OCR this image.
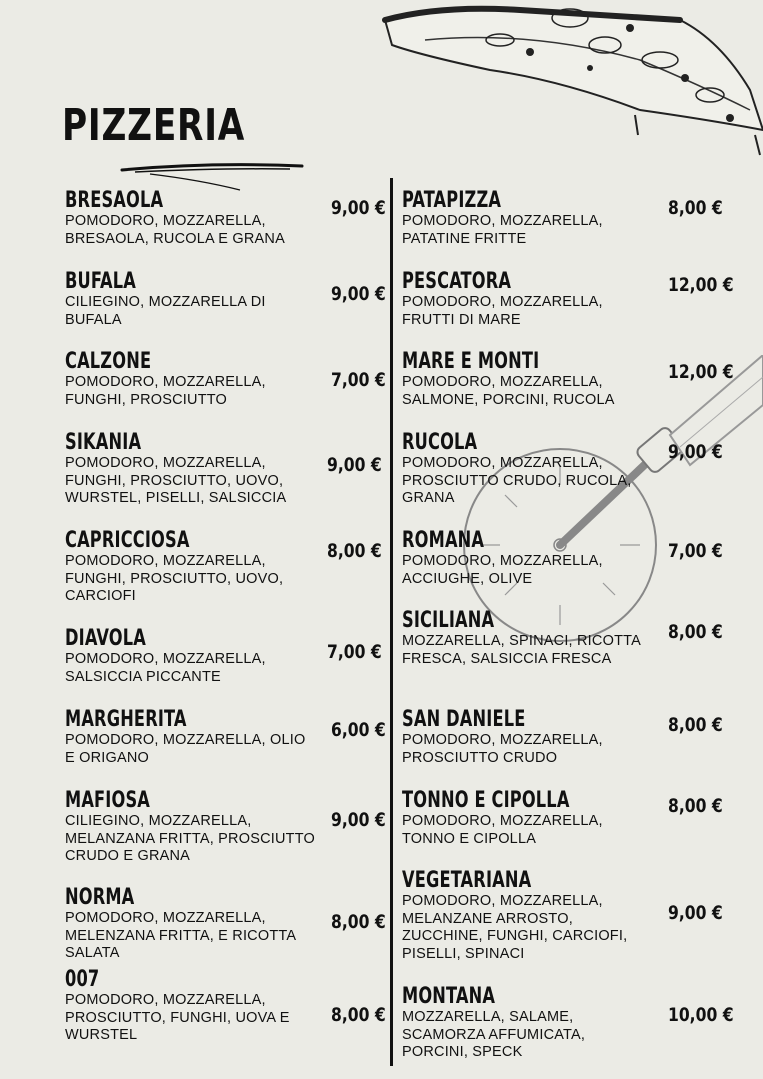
PIZZERIA
BRESAOLA
POMODORO, MOZZARELLA, BRESAOLA, RUCOLA E GRANA
9,00 €
BUFALA
CILIEGINO, MOZZARELLA DI BUFALA
9,00 €
CALZONE
POMODORO, MOZZARELLA, FUNGHI, PROSCIUTTO
7,00 €
SIKANIA
POMODORO, MOZZARELLA, FUNGHI, PROSCIUTTO, UOVO, WURSTEL, PISELLI, SALSICCIA
9,00 €
CAPRICCIOSA
POMODORO, MOZZARELLA, FUNGHI, PROSCIUTTO, UOVO, CARCIOFI
8,00 €
DIAVOLA
POMODORO, MOZZARELLA, SALSICCIA PICCANTE
7,00 €
MARGHERITA
POMODORO, MOZZARELLA, OLIO E ORIGANO
6,00 €
MAFIOSA
CILIEGINO, MOZZARELLA, MELANZANA FRITTA, PROSCIUTTO CRUDO E GRANA
9,00 €
NORMA
POMODORO, MOZZARELLA, MELENZANA FRITTA, E RICOTTA SALATA
8,00 €
007
POMODORO, MOZZARELLA, PROSCIUTTO, FUNGHI, UOVA E WURSTEL
8,00 €
PATAPIZZA
POMODORO, MOZZARELLA, PATATINE FRITTE
8,00 €
PESCATORA
POMODORO, MOZZARELLA, FRUTTI DI MARE
12,00 €
MARE E MONTI
POMODORO, MOZZARELLA, SALMONE, PORCINI, RUCOLA
12,00 €
RUCOLA
POMODORO, MOZZARELLA, PROSCIUTTO CRUDO, RUCOLA, GRANA
9,00 €
ROMANA
POMODORO, MOZZARELLA, ACCIUGHE, OLIVE
7,00 €
SICILIANA
MOZZARELLA, SPINACI, RICOTTA FRESCA, SALSICCIA FRESCA
8,00 €
SAN DANIELE
POMODORO, MOZZARELLA, PROSCIUTTO CRUDO
8,00 €
TONNO E CIPOLLA
POMODORO, MOZZARELLA, TONNO E CIPOLLA
8,00 €
VEGETARIANA
POMODORO, MOZZARELLA, MELANZANE ARROSTO, ZUCCHINE, FUNGHI, CARCIOFI, PISELLI, SPINACI
9,00 €
MONTANA
MOZZARELLA, SALAME, SCAMORZA AFFUMICATA, PORCINI, SPECK
10,00 €
